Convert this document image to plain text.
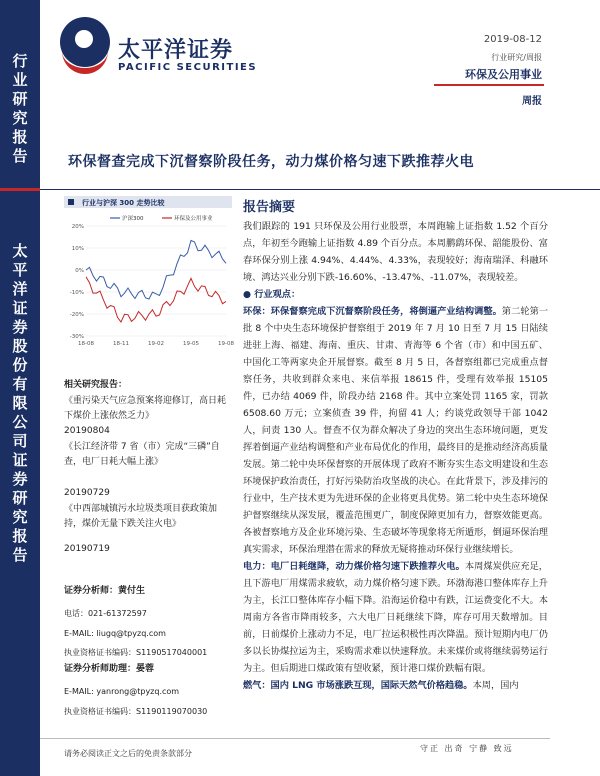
行
业
研
究
报
告
太
平
洋
证
券
股
份
有
限
公
司
证
券
研
究
报
告
太平洋证券
PACIFIC SECURITIES
2019-08-12
行业研究/周报
环保及公用事业
周报
环保督查完成下沉督察阶段任务，动力煤价格匀速下跌推荐火电
20%
10%
0%
-10%
-20%
-30%
18-08	18-11	19-02	19-05	19-08
沪深300	环保及公用事业
行业与沪深 300 走势比较
相关研究报告：
《重污染天气应急预案将迎修订，高日耗下煤价上涨依然乏力》
20190804
《长江经济带 7 省（市）完成“三磷”自查，电厂日耗大幅上涨》
20190729
《中西部城镇污水垃圾类项目获政策加持，煤价无量下跌关注火电》
20190719
证券分析师：黄付生
电话：021-61372597
E-MAIL: liugq@tpyzq.com
执业资格证书编码：S1190517040001
证券分析师助理：晏蓉
E-MAIL: yanrong@tpyzq.com
执业资格证书编码：S1190119070030
报告摘要
我们跟踪的 191 只环保及公用行业股票，本周跑输上证指数 1.52 个百分点，年初至今跑输上证指数 4.89 个百分点。本周鹏鹞环保、韶能股份、富春环保分别上涨 4.94%、4.44%、4.33%，表现较好；海南瑞泽、科融环境、鸿达兴业分别下跌-16.60%、-13.47%、-11.07%，表现较差。
● 行业观点：
环保：环保督察完成下沉督察阶段任务，将倒逼产业结构调整。第二轮第一批 8 个中央生态环境保护督察组于 2019 年 7 月 10 日至 7 月 15 日陆续进驻上海、福建、海南、重庆、甘肃、青海等 6 个省（市）和中国五矿、中国化工等两家央企开展督察。截至 8 月 5 日，各督察组都已完成重点督察任务，共收到群众来电、来信举报 18615 件，受理有效举报 15105 件，已办结 4069 件，阶段办结 2168 件。其中立案处罚 1165 家，罚款 6508.60 万元；立案侦查 39 件，拘留 41 人；约谈党政领导干部 1042 人，问责 130 人。督查不仅为群众解决了身边的突出生态环境问题，更发挥着倒逼产业结构调整和产业布局优化的作用，最终目的是推动经济高质量发展。第二轮中央环保督察的开展体现了政府不断夯实生态文明建设和生态环境保护政治责任，打好污染防治攻坚战的决心。在此背景下，涉及排污的行业中，生产技术更为先进环保的企业将更具优势。第二轮中央生态环境保护督察继续从深发展，覆盖范围更广，制度保障更加有力，督察效能更高。各被督察地方及企业环境污染、生态破坏等现象将无所遁形，倒逼环保治理真实需求，环保治理潜在需求的释放无疑将推动环保行业继续增长。
电力：电厂日耗继降，动力煤价格匀速下跌推荐火电。本周煤炭供应充足，且下游电厂用煤需求疲软，动力煤价格匀速下跌。环渤海港口整体库存上升为主，长江口整体库存小幅下降。沿海运价稳中有跌，江运费变化不大。本周南方各省市降雨较多，六大电厂日耗继续下降，库存可用天数增加。目前，日前煤价上涨动力不足，电厂拉运积极性再次降温。预计短期内电厂仍多以长协煤拉运为主，采购需求难以快速释放。未来煤价或将继续弱势运行为主。但后期进口煤政策有望收紧，预计港口煤价跌幅有限。
燃气：国内 LNG 市场涨跌互现，国际天然气价格趋稳。本周，国内
请务必阅读正文之后的免责条款部分
守正 出奇 宁静 致远
